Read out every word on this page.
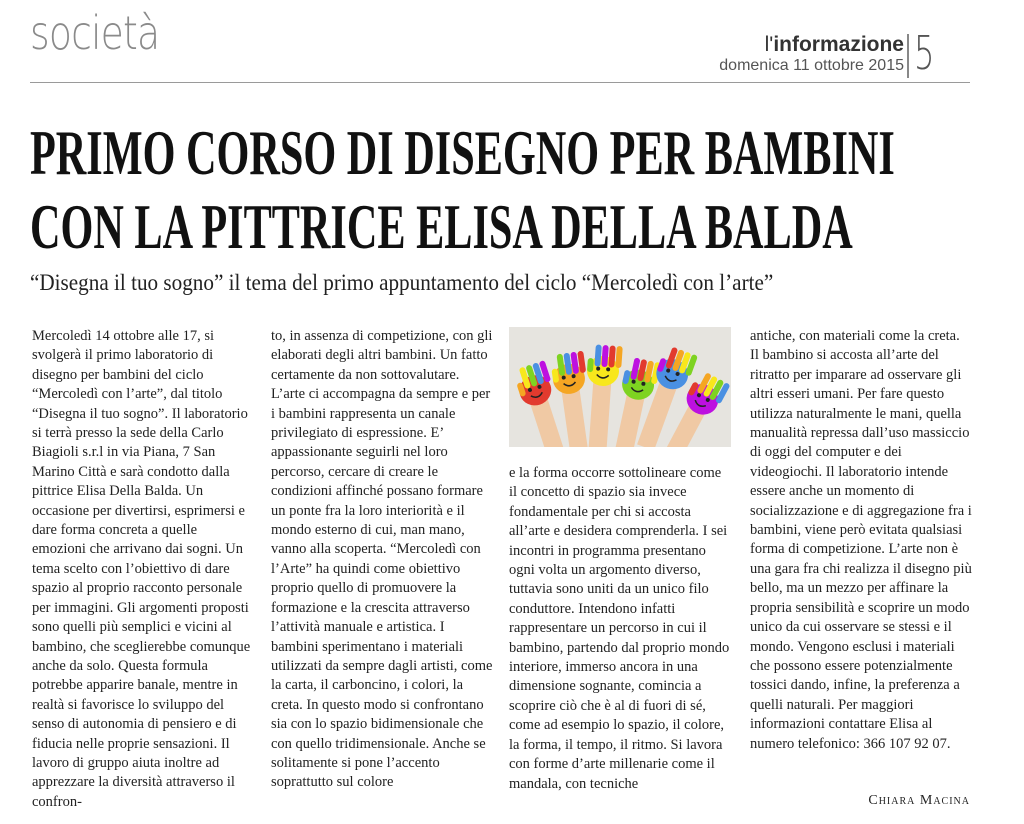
società	l'informazione
domenica 11 ottobre 2015 5
PRIMO CORSO DI DISEGNO PER BAMBINI
CON LA PITTRICE ELISA DELLA BALDA

“Disegna il tuo sogno” il tema del primo appuntamento del ciclo “Mercoledì con l’arte”

Mercoledì 14 ottobre alle 17, si svolgerà il primo laboratorio di disegno per bambini del ciclo “Mercoledì con l’arte”, dal titolo “Disegna il tuo sogno”. Il laboratorio si terrà presso la sede della Carlo Biagioli s.r.l in via Piana, 7 San Marino Città e sarà condotto dalla pittrice Elisa Della Balda. Un occasione per divertirsi, esprimersi e dare forma concreta a quelle emozioni che arrivano dai sogni. Un tema scelto con l’obiettivo di dare spazio al proprio racconto personale per immagini. Gli argomenti proposti sono quelli più semplici e vicini al bambino, che sceglierebbe comunque anche da solo. Questa formula potrebbe apparire banale, mentre in realtà si favorisce lo sviluppo del senso di autonomia di pensiero e di fiducia nelle proprie sensazioni. Il lavoro di gruppo aiuta inoltre ad apprezzare la diversità attraverso il confron-

to, in assenza di competizione, con gli elaborati degli altri bambini. Un fatto certamente da non sottovalutare. L’arte ci accompagna da sempre e per i bambini rappresenta un canale privilegiato di espressione. E’ appassionante seguirli nel loro percorso, cercare di creare le condizioni affinché possano formare un ponte fra la loro interiorità e il mondo esterno di cui, man mano, vanno alla scoperta. “Mercoledì con l’Arte” ha quindi come obiettivo proprio quello di promuovere la formazione e la crescita attraverso l’attività manuale e artistica. I bambini sperimentano i materiali utilizzati da sempre dagli artisti, come la carta, il carboncino, i colori, la creta. In questo modo si confrontano sia con lo spazio bidimensionale che con quello tridimensionale. Anche se solitamente si pone l’accento soprattutto sul colore

e la forma occorre sottolineare come il concetto di spazio sia invece fondamentale per chi si accosta all’arte e desidera comprenderla. I sei incontri in programma presentano ogni volta un argomento diverso, tuttavia sono uniti da un unico filo conduttore. Intendono infatti rappresentare un percorso in cui il bambino, partendo dal proprio mondo interiore, immerso ancora in una dimensione sognante, comincia a scoprire ciò che è al di fuori di sé, come ad esempio lo spazio, il colore, la forma, il tempo, il ritmo. Si lavora con forme d’arte millenarie come il mandala, con tecniche

antiche, con materiali come la creta. Il bambino si accosta all’arte del ritratto per imparare ad osservare gli altri esseri umani. Per fare questo utilizza naturalmente le mani, quella manualità repressa dall’uso massiccio di oggi del computer e dei videogiochi. Il laboratorio intende essere anche un momento di socializzazione e di aggregazione fra i bambini, viene però evitata qualsiasi forma di competizione. L’arte non è una gara fra chi realizza il disegno più bello, ma un mezzo per affinare la propria sensibilità e scoprire un modo unico da cui osservare se stessi e il mondo. Vengono esclusi i materiali che possono essere potenzialmente tossici dando, infine, la preferenza a quelli naturali. Per maggiori informazioni contattare Elisa al numero telefonico: 366 107 92 07.

Chiara Macina
